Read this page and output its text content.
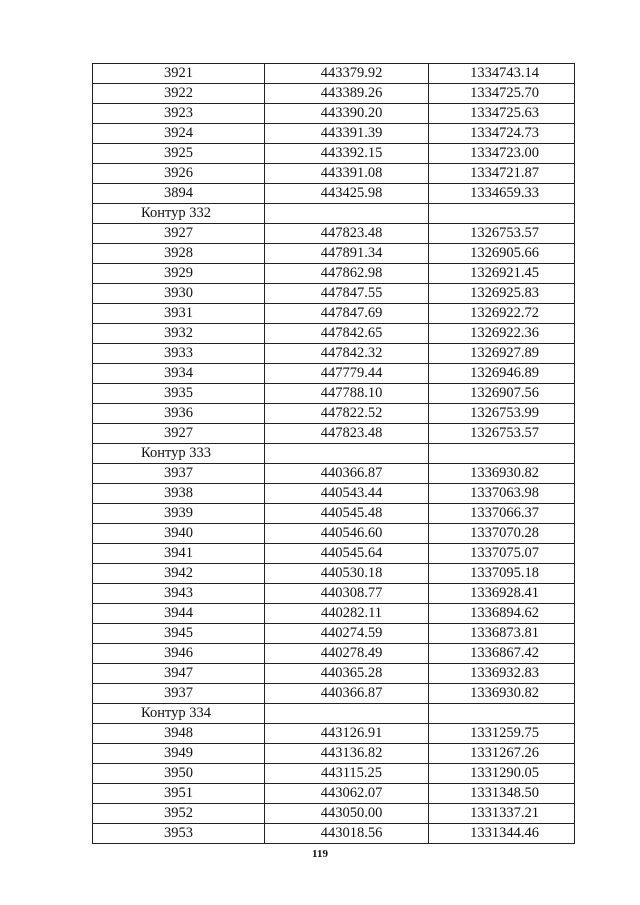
3921	443379.92	1334743.14
3922	443389.26	1334725.70
3923	443390.20	1334725.63
3924	443391.39	1334724.73
3925	443392.15	1334723.00
3926	443391.08	1334721.87
3894	443425.98	1334659.33
Контур 332		
3927	447823.48	1326753.57
3928	447891.34	1326905.66
3929	447862.98	1326921.45
3930	447847.55	1326925.83
3931	447847.69	1326922.72
3932	447842.65	1326922.36
3933	447842.32	1326927.89
3934	447779.44	1326946.89
3935	447788.10	1326907.56
3936	447822.52	1326753.99
3927	447823.48	1326753.57
Контур 333		
3937	440366.87	1336930.82
3938	440543.44	1337063.98
3939	440545.48	1337066.37
3940	440546.60	1337070.28
3941	440545.64	1337075.07
3942	440530.18	1337095.18
3943	440308.77	1336928.41
3944	440282.11	1336894.62
3945	440274.59	1336873.81
3946	440278.49	1336867.42
3947	440365.28	1336932.83
3937	440366.87	1336930.82
Контур 334		
3948	443126.91	1331259.75
3949	443136.82	1331267.26
3950	443115.25	1331290.05
3951	443062.07	1331348.50
3952	443050.00	1331337.21
3953	443018.56	1331344.46
119
